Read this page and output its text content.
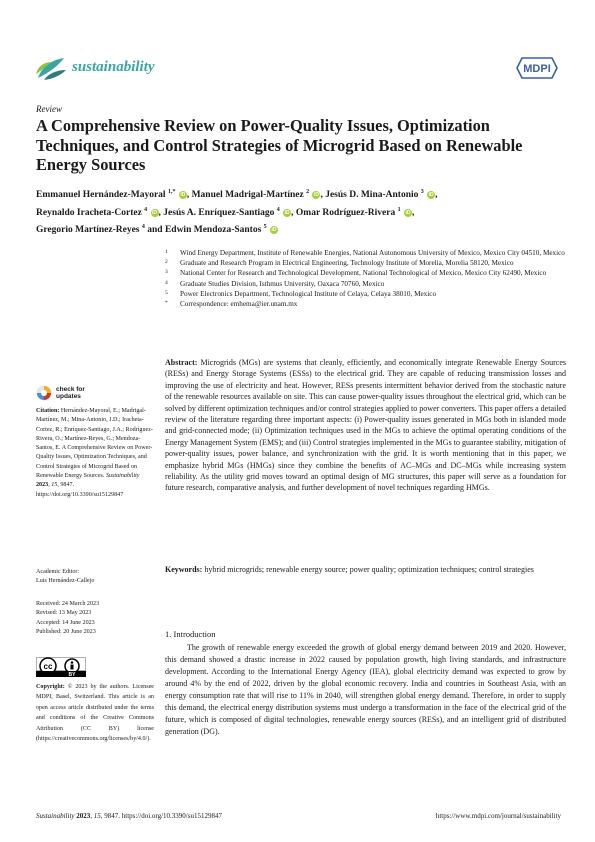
sustainability	MDPI
Review
A Comprehensive Review on Power-Quality Issues, Optimization Techniques, and Control Strategies of Microgrid Based on Renewable Energy Sources
Emmanuel Hernández-Mayoral $^{1,*}$ iD , Manuel Madrigal-Martínez $^2$ iD , Jesús D. Mina-Antonio $^3$ iD ,
Reynaldo Iracheta-Cortez $^4$ iD , Jesús A. Enríquez-Santiago $^4$ iD , Omar Rodríguez-Rivera $^1$ iD ,
Gregorio Martínez-Reyes $^4$ and Edwin Mendoza-Santos $^5$ iD
1 Wind Energy Department, Institute of Renewable Energies, National Autonomous University of Mexico, Mexico City 04510, Mexico
2 Graduate and Research Program in Electrical Engineering, Technology Institute of Morelia, Morelia 58120, Mexico
3 National Center for Research and Technological Development, National Technological of Mexico, Mexico City 62490, Mexico
4 Graduate Studies Division, Isthmus University, Oaxaca 70760, Mexico
5 Power Electronics Department, Technological Institute of Celaya, Celaya 38010, Mexico
* Correspondence: emhema@ier.unam.mx
Abstract: Microgrids (MGs) are systems that cleanly, efficiently, and economically integrate Renewable Energy Sources (RESs) and Energy Storage Systems (ESSs) to the electrical grid. They are capable of reducing transmission losses and improving the use of electricity and heat. However, RESs presents intermittent behavior derived from the stochastic nature of the renewable resources available on site. This can cause power-quality issues throughout the electrical grid, which can be solved by different optimization techniques and/or control strategies applied to power converters. This paper offers a detailed review of the literature regarding three important aspects: (i) Power-quality issues generated in MGs both in islanded mode and grid-connected mode; (ii) Optimization techniques used in the MGs to achieve the optimal operating conditions of the Energy Management System (EMS); and (iii) Control strategies implemented in the MGs to guarantee stability, mitigation of power-quality issues, power balance, and synchronization with the grid. It is worth mentioning that in this paper, we emphasize hybrid MGs (HMGs) since they combine the benefits of AC–MGs and DC–MGs while increasing system reliability. As the utility grid moves toward an optimal design of MG structures, this paper will serve as a foundation for future research, comparative analysis, and further development of novel techniques regarding HMGs.
Keywords: hybrid microgrids; renewable energy source; power quality; optimization techniques; control strategies
1. Introduction
The growth of renewable energy exceeded the growth of global energy demand between 2019 and 2020. However, this demand showed a drastic increase in 2022 caused by population growth, high living standards, and infrastructure development. According to the International Energy Agency (IEA), global electricity demand was expected to grow by around 4% by the end of 2022, driven by the global economic recovery. India and countries in Southeast Asia, with an energy consumption rate that will rise to 11% in 2040, will strengthen global energy demand. Therefore, in order to supply this demand, the electrical energy distribution systems must undergo a transformation in the face of the electrical grid of the future, which is composed of digital technologies, renewable energy sources (RESs), and an intelligent grid of distributed generation (DG).
check for
updates
Citation: Hernández-Mayoral, E.; Madrigal-Martínez, M.; Mina-Antonio, J.D.; Iracheta-Cortez, R.; Enríquez-Santiago, J.A.; Rodríguez-Rivera, O.; Martínez-Reyes, G.; Mendoza-Santos, E. A Comprehensive Review on Power-Quality Issues, Optimization Techniques, and Control Strategies of Microgrid Based on Renewable Energy Sources. Sustainability 2023, 15, 9847. https://doi.org/10.3390/su15129847
Academic Editor:
Luis Hernández-Callejo
Received: 24 March 2023
Revised: 13 May 2023
Accepted: 14 June 2023
Published: 20 June 2023
cc
BY
Copyright: © 2023 by the authors. Licensee MDPI, Basel, Switzerland. This article is an open access article distributed under the terms and conditions of the Creative Commons Attribution (CC BY) license (https://creativecommons.org/licenses/by/4.0/).
Sustainability 2023, 15, 9847. https://doi.org/10.3390/su15129847	https://www.mdpi.com/journal/sustainability
